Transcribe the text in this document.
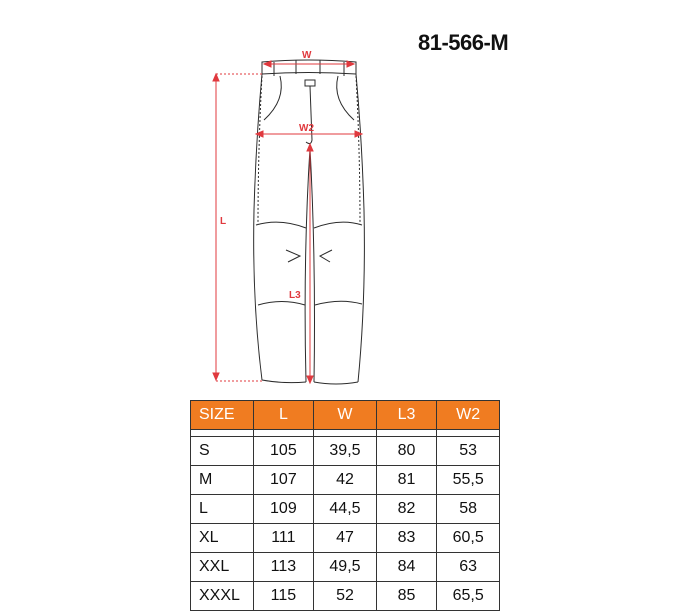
81-566-M
W
W2
L
L3
SIZE	L	W	L3	W2

S	105	39,5	80	53
M	107	42	81	55,5
L	109	44,5	82	58
XL	111	47	83	60,5
XXL	113	49,5	84	63
XXXL	115	52	85	65,5
